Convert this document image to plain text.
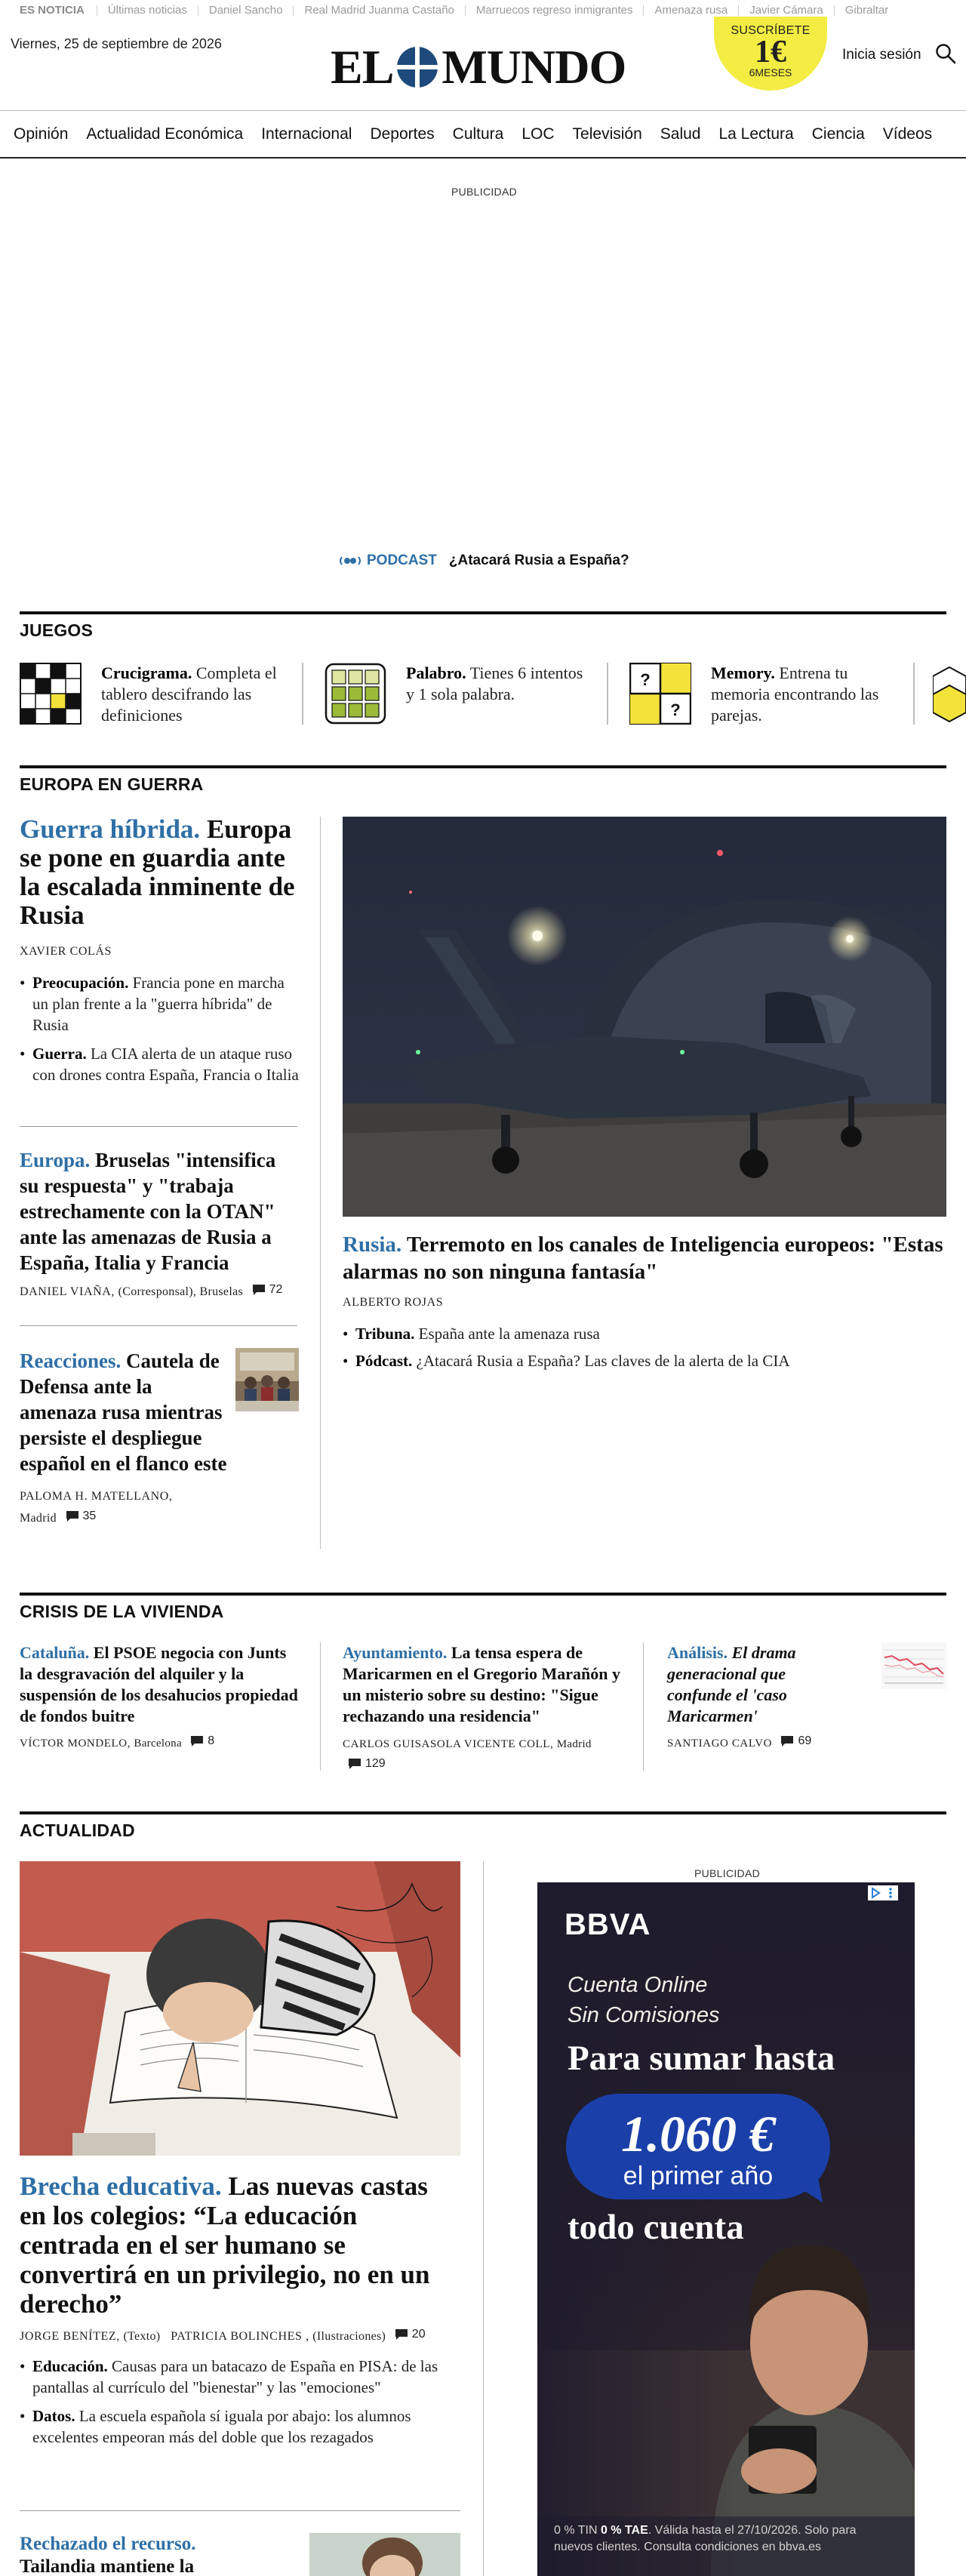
ES NOTICIA	Últimas noticias	Daniel Sancho	Real Madrid Juanma Castaño	Marruecos regreso inmigrantes	Amenaza rusa	Javier Cámara	Gibraltar
Viernes, 25 de septiembre de 2026 EL MUNDO
SUSCRÍBETE
1€
6MESES
Inicia sesión
Opinión Actualidad Económica Internacional Deportes Cultura LOC Televisión Salud La Lectura Ciencia Vídeos
PUBLICIDAD
PODCAST ¿Atacará Rusia a España?
JUEGOS
Crucigrama. Completa el tablero descifrando las definiciones
Palabro. Tienes 6 intentos y 1 sola palabra.
?
?
Memory. Entrena tu memoria encontrando las parejas.
EUROPA EN GUERRA
Guerra híbrida. Europa se pone en guardia ante la escalada inminente de Rusia
XAVIER COLÁS
• Preocupación. Francia pone en marcha un plan frente a la "guerra híbrida" de Rusia
• Guerra. La CIA alerta de un ataque ruso con drones contra España, Francia o Italia
Europa. Bruselas "intensifica su respuesta" y "trabaja estrechamente con la OTAN" ante las amenazas de Rusia a España, Italia y Francia
DANIEL VIAÑA, (Corresponsal), Bruselas 72
Reacciones. Cautela de Defensa ante la amenaza rusa mientras persiste el despliegue español en el flanco este
PALOMA H. MATELLANO, Madrid 35
Rusia. Terremoto en los canales de Inteligencia europeos: "Estas alarmas no son ninguna fantasía"
ALBERTO ROJAS
• Tribuna. España ante la amenaza rusa
• Pódcast. ¿Atacará Rusia a España? Las claves de la alerta de la CIA
CRISIS DE LA VIVIENDA
Cataluña. El PSOE negocia con Junts la desgravación del alquiler y la suspensión de los desahucios propiedad de fondos buitre
VÍCTOR MONDELO, Barcelona 8
Ayuntamiento. La tensa espera de Maricarmen en el Gregorio Marañón y un misterio sobre su destino: "Sigue rechazando una residencia"
CARLOS GUISASOLA VICENTE COLL, Madrid
129
Análisis. El drama generacional que confunde el 'caso Maricarmen'
SANTIAGO CALVO 69
ACTUALIDAD
Brecha educativa. Las nuevas castas en los colegios: “La educación centrada en el ser humano se convertirá en un privilegio, no en un derecho”
JORGE BENÍTEZ, (Texto) PATRICIA BOLINCHES , (Ilustraciones) 20
• Educación. Causas para un batacazo de España en PISA: de las pantallas al currículo del "bienestar" y las "emociones"
• Datos. La escuela española sí iguala por abajo: los alumnos excelentes empeoran más del doble que los rezagados
Rechazado el recurso. Tailandia mantiene la
PUBLICIDAD
BBVA
Cuenta Online
Sin Comisiones
Para sumar hasta
1.060 €
el primer año
todo cuenta
0 % TIN 0 % TAE. Válida hasta el 27/10/2026. Solo para nuevos clientes. Consulta condiciones en bbva.es
